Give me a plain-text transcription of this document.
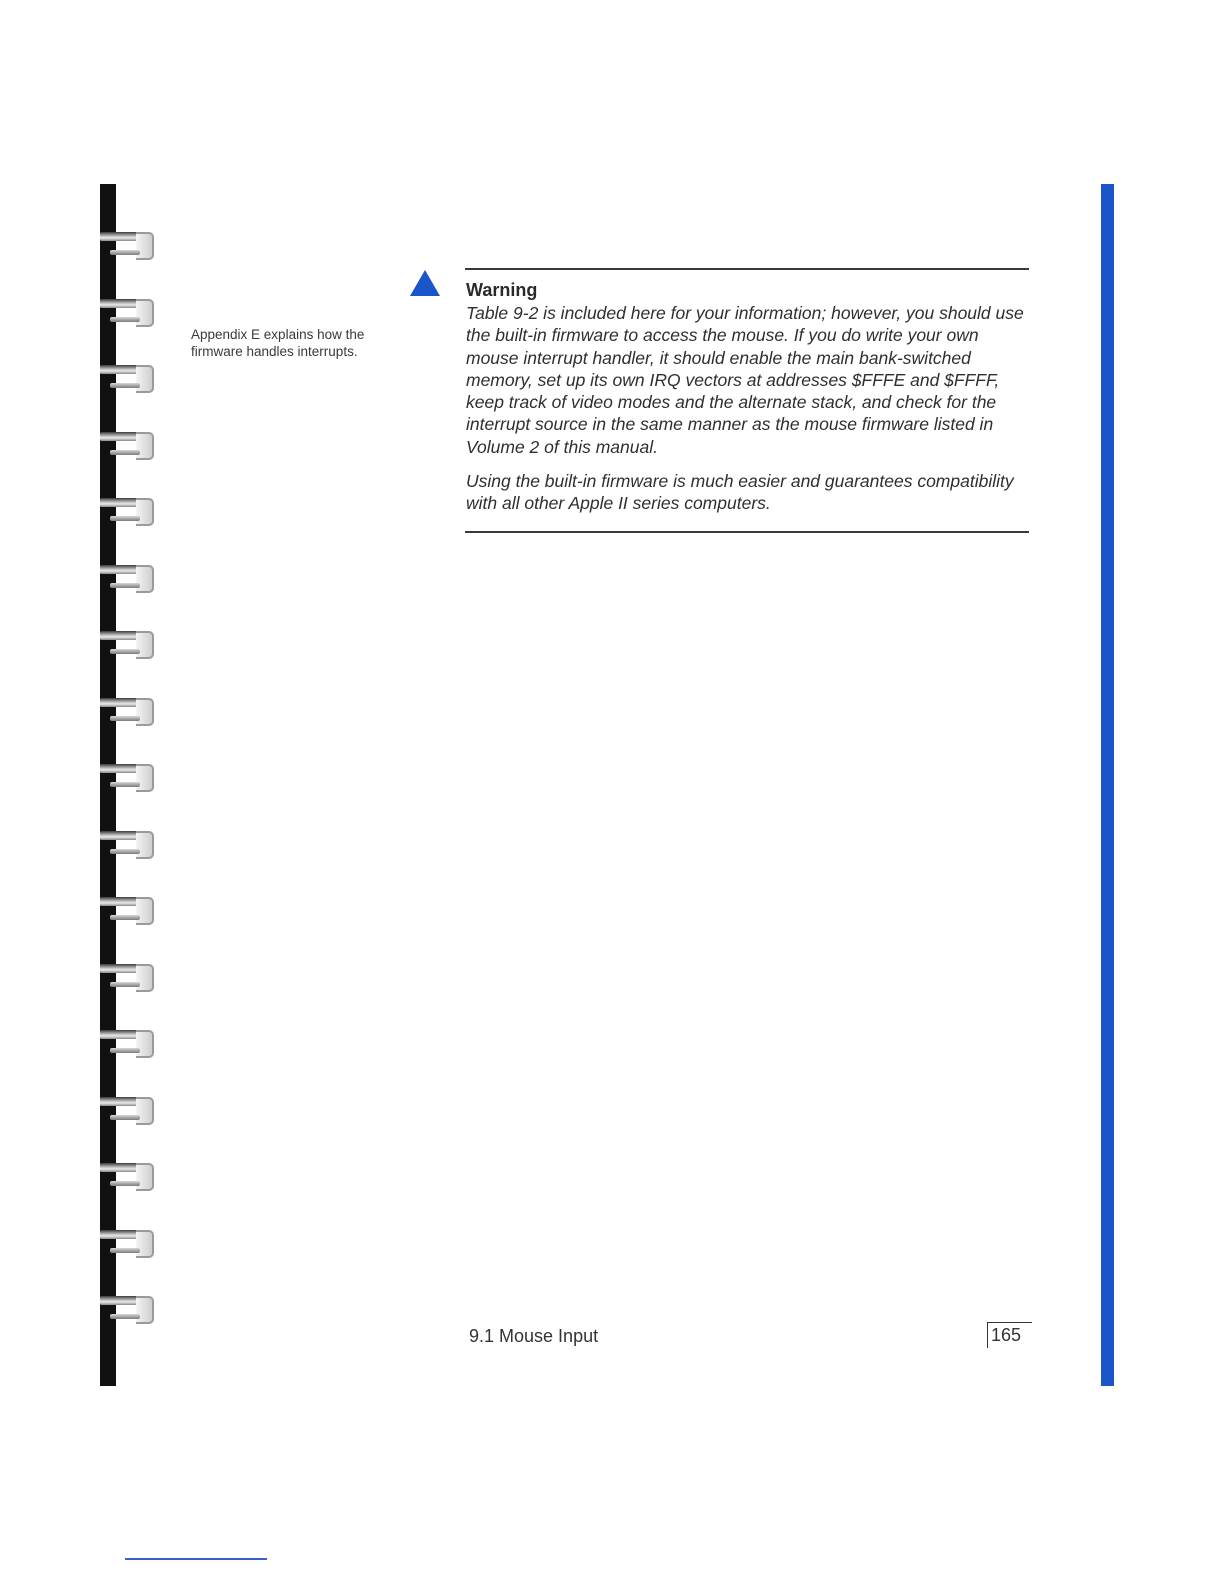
Appendix E explains how the firmware handles interrupts.

Warning

Table 9-2 is included here for your information; however, you should use the built-in firmware to access the mouse. If you do write your own mouse interrupt handler, it should enable the main bank-switched memory, set up its own IRQ vectors at addresses $FFFE and $FFFF, keep track of video modes and the alternate stack, and check for the interrupt source in the same manner as the mouse firmware listed in Volume 2 of this manual.

Using the built-in firmware is much easier and guarantees compatibility with all other Apple II series computers.

9.1 Mouse Input	165
